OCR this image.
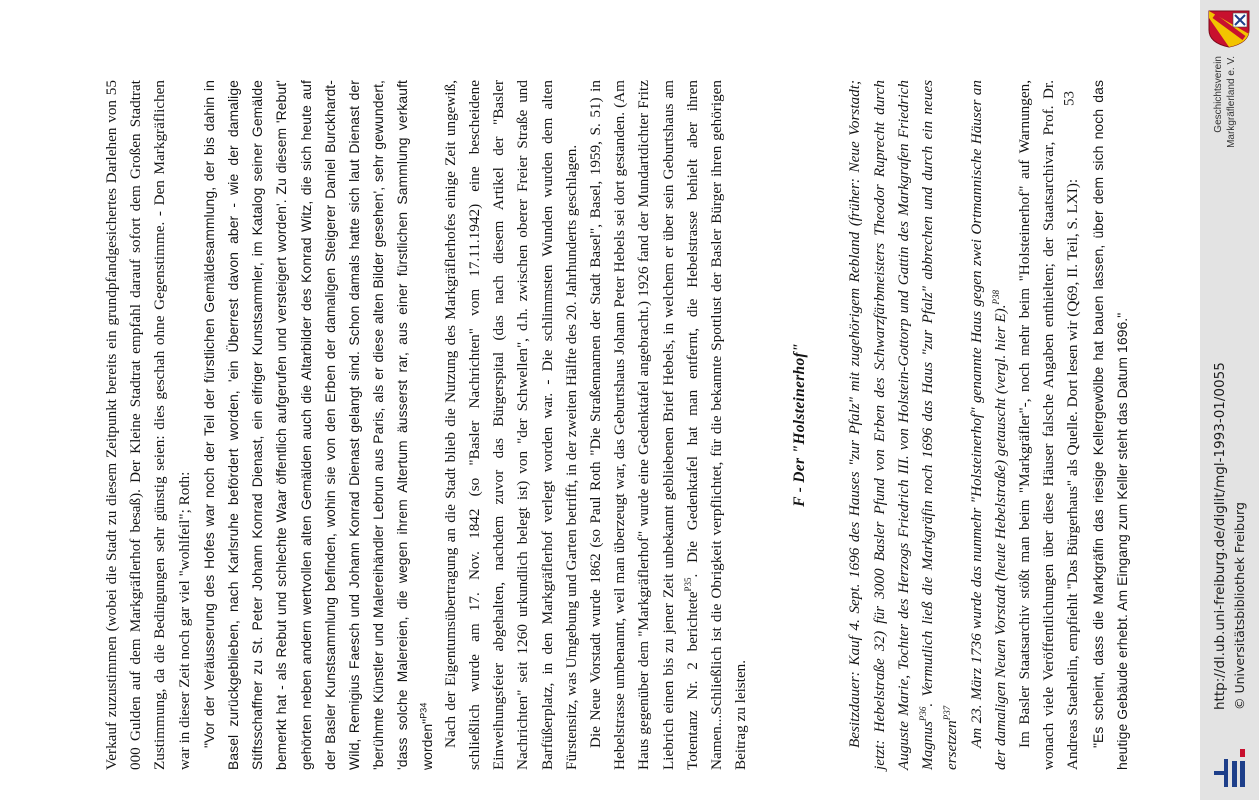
Verkauf zuzustimmen (wobei die Stadt zu diesem Zeitpunkt bereits ein grundpfandgesichertes Darlehen von 55 000 Gulden auf dem Markgräflerhof besaß). Der Kleine Stadtrat empfahl darauf sofort dem Großen Stadtrat Zustimmung, da die Bedingungen sehr günstig seien: dies geschah ohne Gegenstimme. - Den Markgräflichen war in dieser Zeit noch gar viel "wohlfeil"; Roth: "Vor der Veräusserung des Hofes war noch der Teil der fürstlichen Gemäldesammlung, der bis dahin in Basel zurückgeblieben, nach Karlsruhe befördert worden, 'ein Überrest davon aber - wie der damalige Stiftsschaffner zu St. Peter Johann Konrad Dienast, ein eifriger Kunstsammler, im Katalog seiner Gemälde bemerkt hat - als Rebut und schlechte Waar öffentlich aufgerufen und versteigert worden'. Zu diesem 'Rebut' gehörten neben andern wertvollen alten Gemälden auch die Altarbilder des Konrad Witz, die sich heute auf der Basler Kunstsammlung befinden, wohin sie von den Erben der damaligen Steigerer Daniel Burckhardt-Wild, Remigius Faesch und Johann Konrad Dienast gelangt sind. Schon damals hatte sich laut Dienast der 'berühmte Künstler und Malereihändler Lebrun aus Paris, als er diese alten Bilder gesehen', sehr gewundert, 'dass solche Malereien, die wegen ihrem Altertum äusserst rar, aus einer fürstlichen Sammlung verkauft worden"$^{P34}$ Nach der Eigentumsübertragung an die Stadt blieb die Nutzung des Markgräflerhofes einige Zeit ungewiß, schließlich wurde am 17. Nov. 1842 (so "Basler Nachrichten" vom 17.11.1942) eine bescheidene Einweihungsfeier abgehalten, nachdem zuvor das Bürgerspital (das nach diesem Artikel der "Basler Nachrichten" seit 1260 urkundlich belegt ist) von "der Schwellen", d.h. zwischen oberer Freier Straße und Barfüßerplatz, in den Markgräflerhof verlegt worden war. - Die schlimmsten Wunden wurden dem alten Fürstensitz, was Umgebung und Garten betrifft, in der zweiten Hälfte des 20. Jahrhunderts geschlagen. Die Neue Vorstadt wurde 1862 (so Paul Roth "Die Straßennamen der Stadt Basel", Basel, 1959, S. 51) in Hebelstrasse umbenannt, weil man überzeugt war, das Geburtshaus Johann Peter Hebels sei dort gestanden. (Am Haus gegenüber dem "Markgräflerhof" wurde eine Gedenktafel angebracht.) 1926 fand der Mundartdichter Fritz Liebrich einen bis zu jener Zeit unbekannt gebliebenen Brief Hebels, in welchem er über sein Geburtshaus am Totentanz Nr. 2 berichtete$^{P35}$. Die Gedenktafel hat man entfernt, die Hebelstrasse behielt aber ihren Namen...Schließlich ist die Obrigkeit verpflichtet, für die bekannte Spottlust der Basler Bürger ihren gehörigen Beitrag zu leisten.

F - Der "Holsteinerhof"	Besitzdauer: Kauf 4. Sept. 1696 des Hauses "zur Pfalz" mit zugehörigem Rebland (früher: Neue Vorstadt; jetzt: Hebelstraße 32) für 3000 Basler Pfund von Erben des Schwarzfärbmeisters Theodor Ruprecht durch Auguste Marie, Tochter des Herzogs Friedrich III. von Holstein-Gottorp und Gattin des Markgrafen Friedrich Magnus$^{P36}$. Vermutlich ließ die Markgräfin noch 1696 das Haus "zur Pfalz" abbrechen und durch ein neues ersetzen$^{P37}$	Am 23. März 1736 wurde das nunmehr "Holsteinerhof" genannte Haus gegen zwei Ortmannische Häuser an der damaligen Neuen Vorstadt (heute Hebelstraße) getauscht (vergl. hier E).$^{P38}$	Im Basler Staatsarchiv stößt man beim "Markgräfler"-, noch mehr beim "Holsteinerhof" auf Warnungen, wonach viele Veröffentlichungen über diese Häuser falsche Angaben enthielten; der Staatsarchivar, Prof. Dr. Andreas Staehelin, empfiehlt "Das Bürgerhaus" als Quelle. Dort lesen wir (Q69, II. Teil, S. LXI): "Es scheint, dass die Markgräfin das riesige Kellergewölbe hat bauen lassen, über dem sich noch das heutige Gebäude erhebt. Am Eingang zum Keller steht das Datum 1696."

53	Geschichtsverein Markgräflerland e. V.
http://dl.ub.uni-freiburg.de/diglit/mgl-1993-01/0055 © Universitätsbibliothek Freiburg
